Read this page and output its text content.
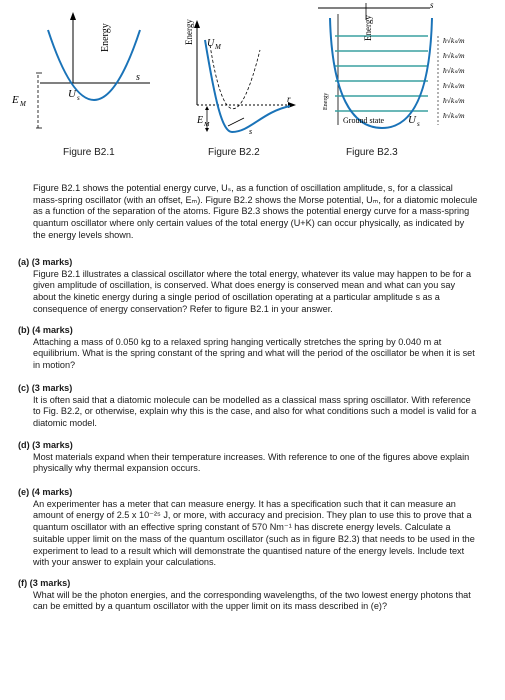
Energy
s
U s
E M
Energy U M
E M
r
s
Energy
s
Ground state U s
Energy
ħ√kₛ/m
ħ√kₛ/m
ħ√kₛ/m
ħ√kₛ/m
ħ√kₛ/m
ħ√kₛ/m
Figure B2.1	Figure B2.2	Figure B2.3
Figure B2.1 shows the potential energy curve, Uₛ, as a function of oscillation amplitude, s, for a classical mass-spring oscillator (with an offset, Eₘ). Figure B2.2 shows the Morse potential, Uₘ, for a diatomic molecule as a function of the separation of the atoms. Figure B2.3 shows the potential energy curve for a mass-spring quantum oscillator where only certain values of the total energy (U+K) can occur physically, as indicated by the energy levels shown.
(a) (3 marks)
Figure B2.1 illustrates a classical oscillator where the total energy, whatever its value may happen to be for a given amplitude of oscillation, is conserved. What does energy is conserved mean and what can you say about the kinetic energy during a single period of oscillation operating at a particular amplitude s as a consequence of energy conservation? Refer to figure B2.1 in your answer.
(b) (4 marks)
Attaching a mass of 0.050 kg to a relaxed spring hanging vertically stretches the spring by 0.040 m at equilibrium. What is the spring constant of the spring and what will the period of the oscillator be when it is set in motion?
(c) (3 marks)
It is often said that a diatomic molecule can be modelled as a classical mass spring oscillator. With reference to Fig. B2.2, or otherwise, explain why this is the case, and also for what conditions such a model is valid for a diatomic model.
(d) (3 marks)
Most materials expand when their temperature increases. With reference to one of the figures above explain physically why thermal expansion occurs.
(e) (4 marks)
An experimenter has a meter that can measure energy. It has a specification such that it can measure an amount of energy of 2.5 x 10⁻²⁵ J, or more, with accuracy and precision. They plan to use this to prove that a quantum oscillator with an effective spring constant of 570 Nm⁻¹ has discrete energy levels. Calculate a suitable upper limit on the mass of the quantum oscillator (such as in figure B2.3) that needs to be used in the experiment to lead to a result which will demonstrate the quantised nature of the energy levels. Include text with your answer to explain your calculations.
(f) (3 marks)
What will be the photon energies, and the corresponding wavelengths, of the two lowest energy photons that can be emitted by a quantum oscillator with the upper limit on its mass described in (e)?
